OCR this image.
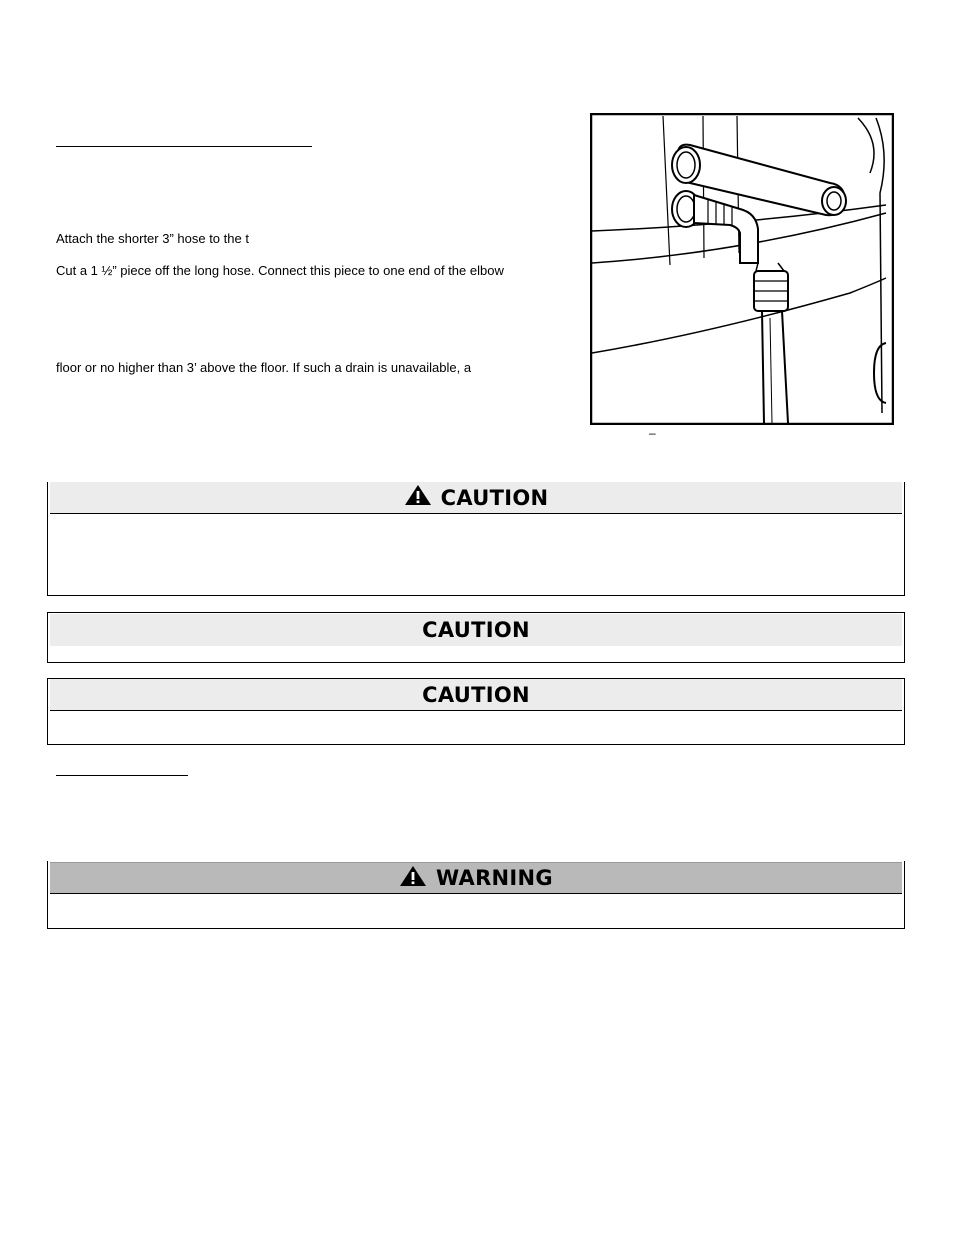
Attach the shorter 3” hose to the t
Cut a 1 ½” piece off the long hose. Connect this piece to one end of the elbow
floor or no higher than 3’ above the floor. If such a drain is unavailable, a
–
CAUTION
CAUTION
CAUTION
WARNING
